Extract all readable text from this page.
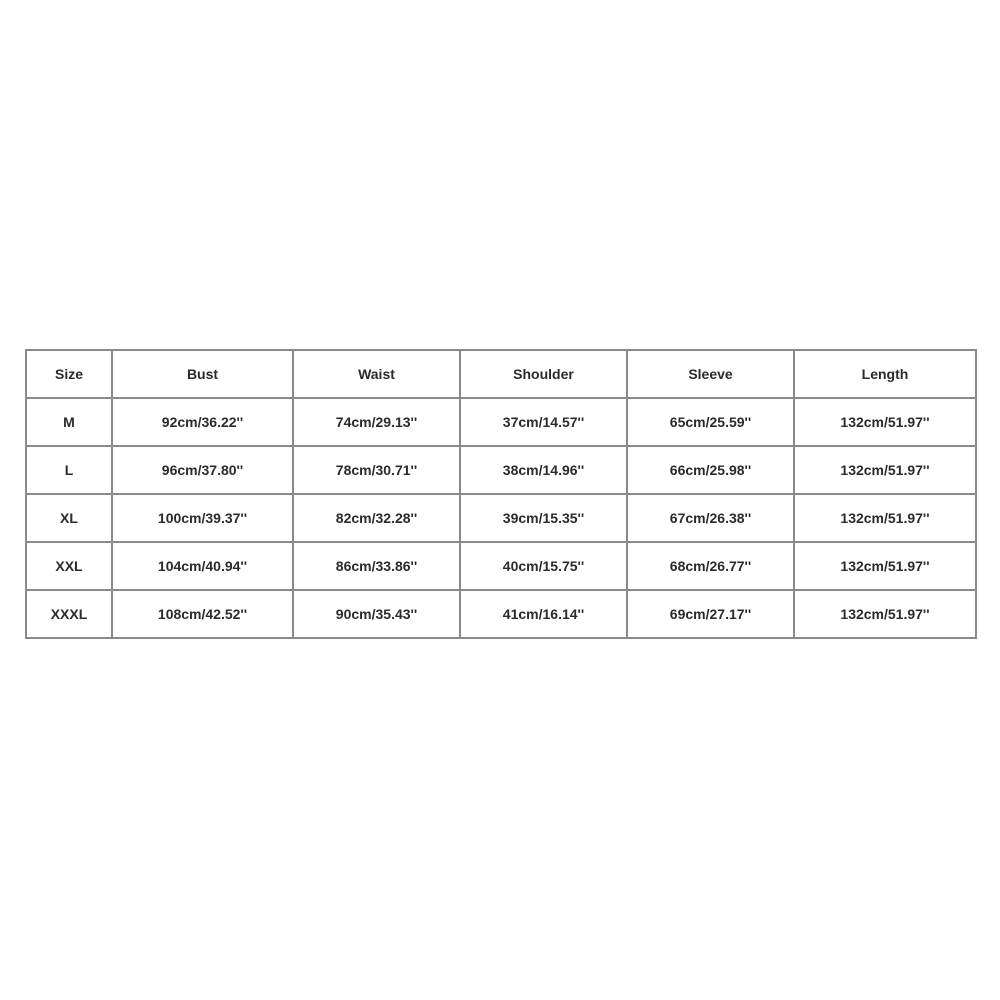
Size	Bust	Waist	Shoulder	Sleeve	Length
M	92cm/36.22''	74cm/29.13''	37cm/14.57''	65cm/25.59''	132cm/51.97''
L	96cm/37.80''	78cm/30.71''	38cm/14.96''	66cm/25.98''	132cm/51.97''
XL	100cm/39.37''	82cm/32.28''	39cm/15.35''	67cm/26.38''	132cm/51.97''
XXL	104cm/40.94''	86cm/33.86''	40cm/15.75''	68cm/26.77''	132cm/51.97''
XXXL	108cm/42.52''	90cm/35.43''	41cm/16.14''	69cm/27.17''	132cm/51.97''
